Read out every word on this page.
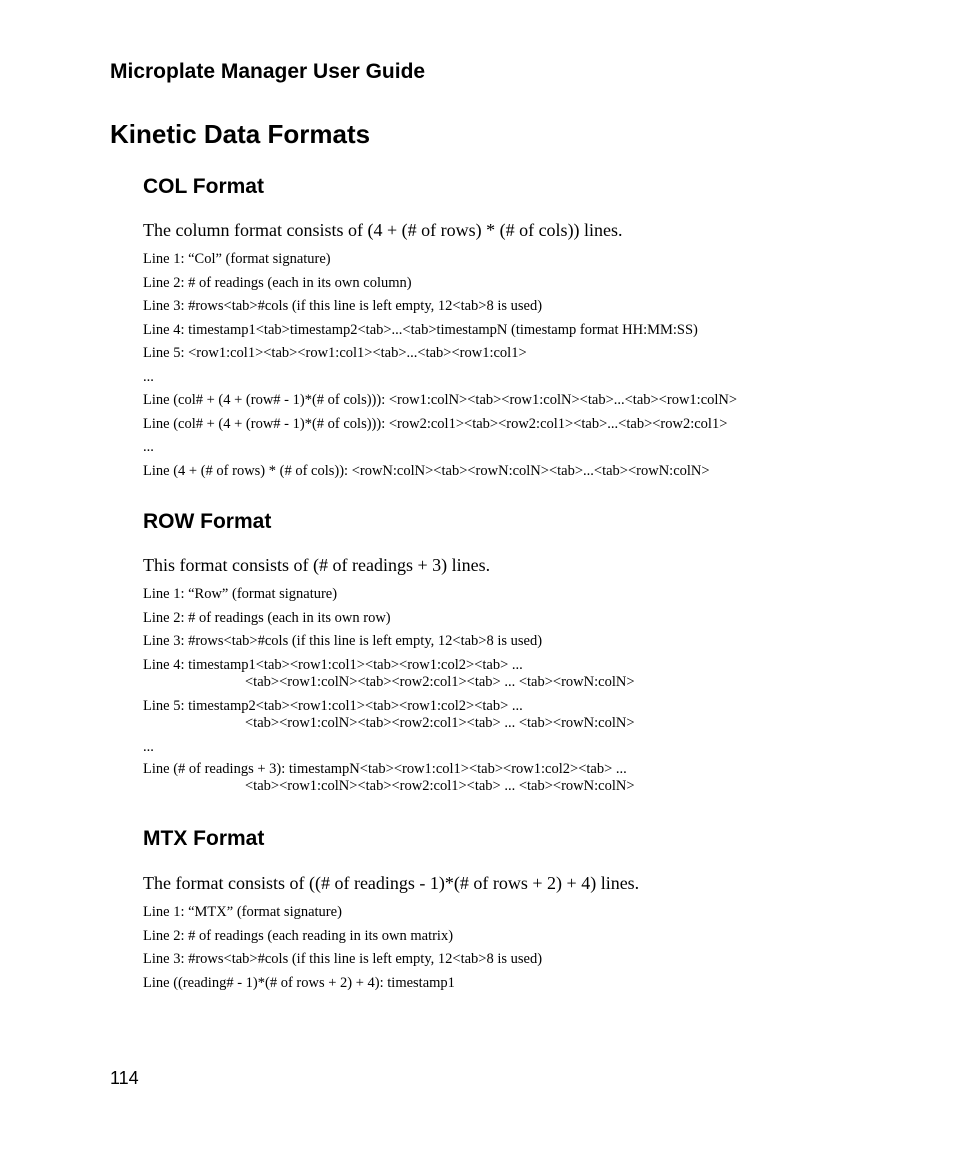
Microplate Manager User Guide

Kinetic Data Formats
COL Format

The column format consists of (4 + (# of rows) * (# of cols)) lines.

Line 1: “Col” (format signature)

Line 2: # of readings (each in its own column)

Line 3: #rows<tab>#cols (if this line is left empty, 12<tab>8 is used)

Line 4: timestamp1<tab>timestamp2<tab>...<tab>timestampN (timestamp format HH:MM:SS)

Line 5: <row1:col1><tab><row1:col1><tab>...<tab><row1:col1>

...

Line (col# + (4 + (row# - 1)*(# of cols))): <row1:colN><tab><row1:colN><tab>...<tab><row1:colN>

Line (col# + (4 + (row# - 1)*(# of cols))): <row2:col1><tab><row2:col1><tab>...<tab><row2:col1>

...

Line (4 + (# of rows) * (# of cols)): <rowN:colN><tab><rowN:colN><tab>...<tab><rowN:colN>

ROW Format

This format consists of (# of readings + 3) lines.

Line 1: “Row” (format signature)

Line 2: # of readings (each in its own row)

Line 3: #rows<tab>#cols (if this line is left empty, 12<tab>8 is used)

Line 4: timestamp1<tab><row1:col1><tab><row1:col2><tab> ...

<tab><row1:colN><tab><row2:col1><tab> ... <tab><rowN:colN>

Line 5: timestamp2<tab><row1:col1><tab><row1:col2><tab> ...

<tab><row1:colN><tab><row2:col1><tab> ... <tab><rowN:colN>

...

Line (# of readings + 3): timestampN<tab><row1:col1><tab><row1:col2><tab> ...

<tab><row1:colN><tab><row2:col1><tab> ... <tab><rowN:colN>

MTX Format

The format consists of ((# of readings - 1)*(# of rows + 2) + 4) lines.

Line 1: “MTX” (format signature)

Line 2: # of readings (each reading in its own matrix)

Line 3: #rows<tab>#cols (if this line is left empty, 12<tab>8 is used)

Line ((reading# - 1)*(# of rows + 2) + 4): timestamp1

114
